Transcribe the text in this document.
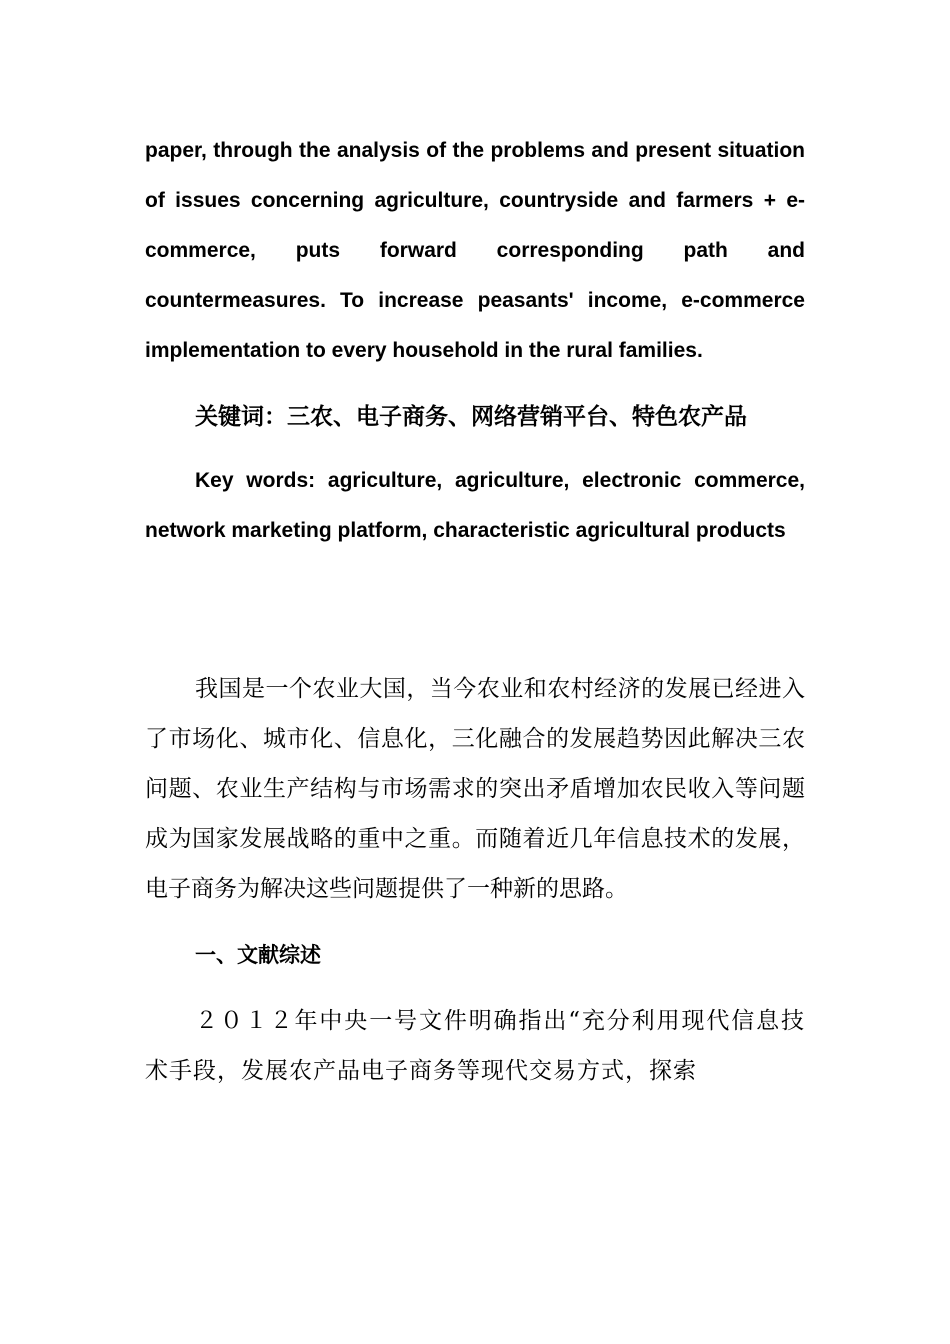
paper, through the analysis of the problems and present situation of issues concerning agriculture, countryside and farmers + e-commerce, puts forward corresponding path and countermeasures. To increase peasants' income, e-commerce implementation to every household in the rural families.

关键词：三农、电子商务、网络营销平台、特色农产品

Key words: agriculture, agriculture, electronic commerce, network marketing platform, characteristic agricultural products

我国是一个农业大国，当今农业和农村经济的发展已经进入了市场化、城市化、信息化，三化融合的发展趋势因此解决三农问题、农业生产结构与市场需求的突出矛盾增加农民收入等问题成为国家发展战略的重中之重。而随着近几年信息技术的发展，电子商务为解决这些问题提供了一种新的思路。

一、文献综述

２０１２年中央一号文件明确指出“充分利用现代信息技术手段，发展农产品电子商务等现代交易方式，探索
